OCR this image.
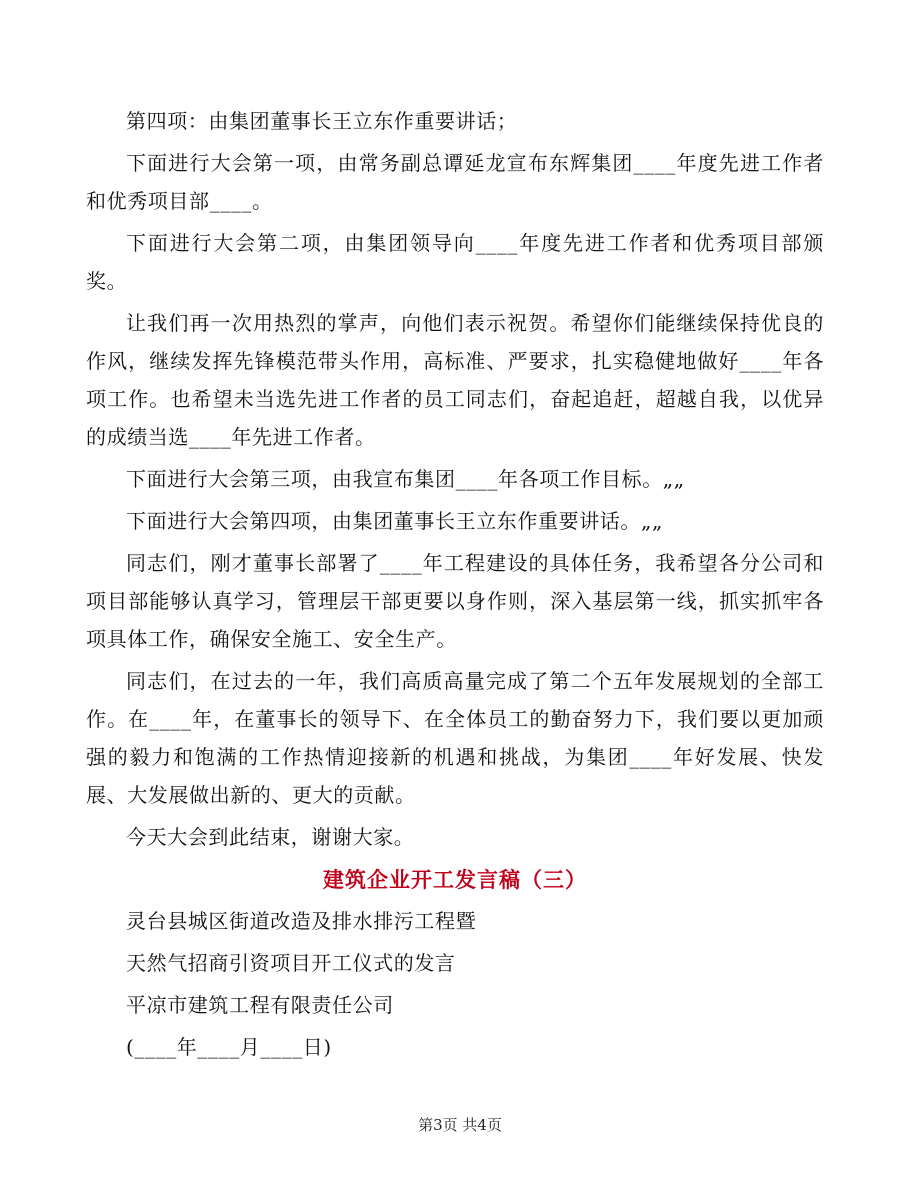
第四项：由集团董事长王立东作重要讲话；

下面进行大会第一项，由常务副总谭延龙宣布东辉集团____年度先进工作者和优秀项目部____。

下面进行大会第二项，由集团领导向____年度先进工作者和优秀项目部颁奖。

让我们再一次用热烈的掌声，向他们表示祝贺。希望你们能继续保持优良的作风，继续发挥先锋模范带头作用，高标准、严要求，扎实稳健地做好____年各项工作。也希望未当选先进工作者的员工同志们，奋起追赶，超越自我，以优异的成绩当选____年先进工作者。

下面进行大会第三项，由我宣布集团____年各项工作目标。„„

下面进行大会第四项，由集团董事长王立东作重要讲话。„„

同志们，刚才董事长部署了____年工程建设的具体任务，我希望各分公司和项目部能够认真学习，管理层干部更要以身作则，深入基层第一线，抓实抓牢各项具体工作，确保安全施工、安全生产。

同志们，在过去的一年，我们高质高量完成了第二个五年发展规划的全部工作。在____年，在董事长的领导下、在全体员工的勤奋努力下，我们要以更加顽强的毅力和饱满的工作热情迎接新的机遇和挑战，为集团____年好发展、快发展、大发展做出新的、更大的贡献。

今天大会到此结束，谢谢大家。

建筑企业开工发言稿（三）
灵台县城区街道改造及排水排污工程暨
天然气招商引资项目开工仪式的发言
平凉市建筑工程有限责任公司
(____年____月____日)
第3页 共4页
